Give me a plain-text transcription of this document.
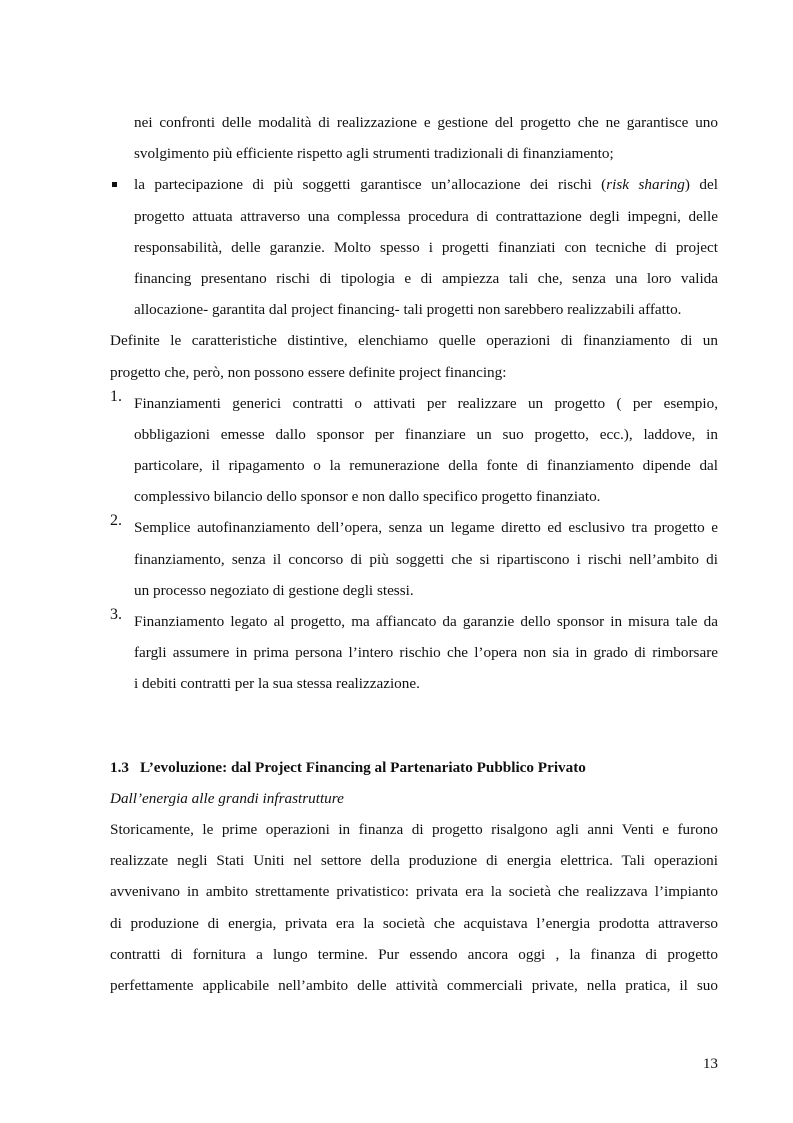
nei confronti delle modalità di realizzazione e gestione del progetto che ne garantisce uno
svolgimento più efficiente rispetto agli strumenti tradizionali di finanziamento;
la partecipazione di più soggetti garantisce un’allocazione dei rischi (risk sharing) del
progetto attuata attraverso una complessa procedura di contrattazione degli impegni, delle
responsabilità, delle garanzie. Molto spesso i progetti finanziati con tecniche di project
financing presentano rischi di tipologia e di ampiezza tali che, senza una loro valida
allocazione- garantita dal project financing- tali progetti non sarebbero realizzabili affatto.
Definite le caratteristiche distintive, elenchiamo quelle operazioni di finanziamento di un
progetto che, però, non possono essere definite project financing:
1. Finanziamenti generici contratti o attivati per realizzare un progetto ( per esempio,
obbligazioni emesse dallo sponsor per finanziare un suo progetto, ecc.), laddove, in
particolare, il ripagamento o la remunerazione della fonte di finanziamento dipende dal
complessivo bilancio dello sponsor e non dallo specifico progetto finanziato.
2. Semplice autofinanziamento dell’opera, senza un legame diretto ed esclusivo tra progetto e
finanziamento, senza il concorso di più soggetti che si ripartiscono i rischi nell’ambito di
un processo negoziato di gestione degli stessi.
3. Finanziamento legato al progetto, ma affiancato da garanzie dello sponsor in misura tale da
fargli assumere in prima persona l’intero rischio che l’opera non sia in grado di rimborsare
i debiti contratti per la sua stessa realizzazione.
1.3 L’evoluzione: dal Project Financing al Partenariato Pubblico Privato
Dall’energia alle grandi infrastrutture
Storicamente, le prime operazioni in finanza di progetto risalgono agli anni Venti e furono
realizzate negli Stati Uniti nel settore della produzione di energia elettrica. Tali operazioni
avvenivano in ambito strettamente privatistico: privata era la società che realizzava l’impianto
di produzione di energia, privata era la società che acquistava l’energia prodotta attraverso
contratti di fornitura a lungo termine. Pur essendo ancora oggi , la finanza di progetto
perfettamente applicabile nell’ambito delle attività commerciali private, nella pratica, il suo
13
